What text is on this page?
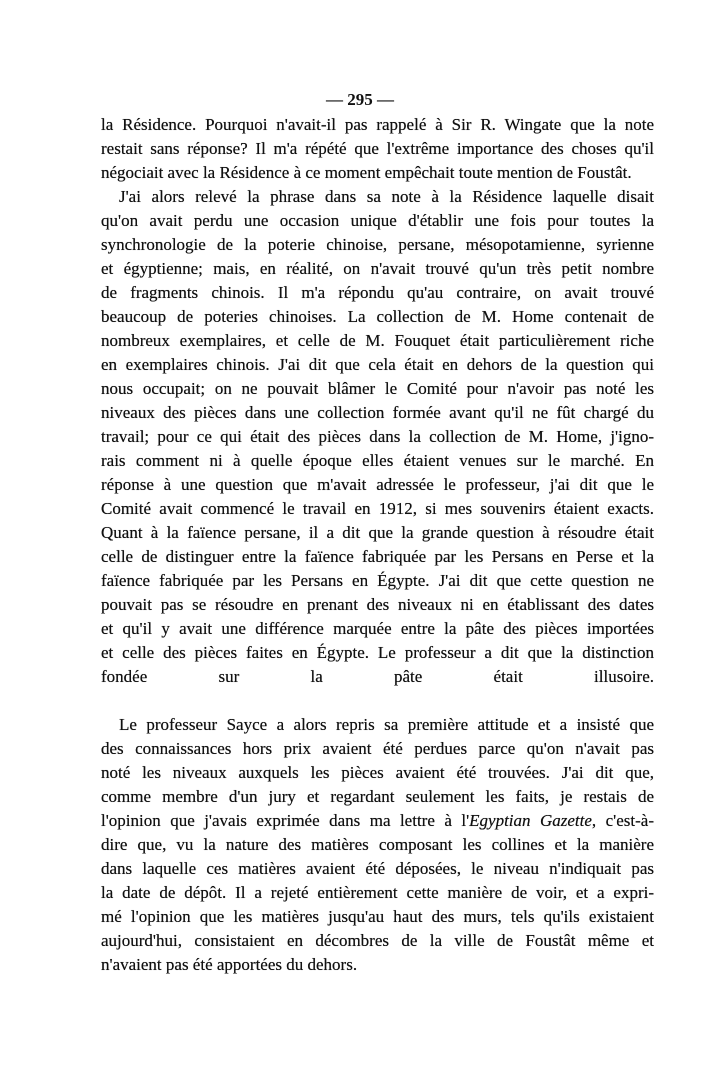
— 295 —
la Résidence. Pourquoi n'avait-il pas rappelé à Sir R. Wingate que la note
restait sans réponse? Il m'a répété que l'extrême importance des choses qu'il
négociait avec la Résidence à ce moment empêchait toute mention de Foustât.
J'ai alors relevé la phrase dans sa note à la Résidence laquelle disait
qu'on avait perdu une occasion unique d'établir une fois pour toutes la
synchronologie de la poterie chinoise, persane, mésopotamienne, syrienne
et égyptienne; mais, en réalité, on n'avait trouvé qu'un très petit nombre
de fragments chinois. Il m'a répondu qu'au contraire, on avait trouvé
beaucoup de poteries chinoises. La collection de M. Home contenait de
nombreux exemplaires, et celle de M. Fouquet était particulièrement riche
en exemplaires chinois. J'ai dit que cela était en dehors de la question qui
nous occupait; on ne pouvait blâmer le Comité pour n'avoir pas noté les
niveaux des pièces dans une collection formée avant qu'il ne fût chargé du
travail; pour ce qui était des pièces dans la collection de M. Home, j'igno-
rais comment ni à quelle époque elles étaient venues sur le marché. En
réponse à une question que m'avait adressée le professeur, j'ai dit que le
Comité avait commencé le travail en 1912, si mes souvenirs étaient exacts.
Quant à la faïence persane, il a dit que la grande question à résoudre était
celle de distinguer entre la faïence fabriquée par les Persans en Perse et la
faïence fabriquée par les Persans en Égypte. J'ai dit que cette question ne
pouvait pas se résoudre en prenant des niveaux ni en établissant des dates
et qu'il y avait une différence marquée entre la pâte des pièces importées
et celle des pièces faites en Égypte. Le professeur a dit que la distinction
fondée sur la pâte était illusoire.
Le professeur Sayce a alors repris sa première attitude et a insisté que
des connaissances hors prix avaient été perdues parce qu'on n'avait pas
noté les niveaux auxquels les pièces avaient été trouvées. J'ai dit que,
comme membre d'un jury et regardant seulement les faits, je restais de
l'opinion que j'avais exprimée dans ma lettre à l'Egyptian Gazette, c'est-à-
dire que, vu la nature des matières composant les collines et la manière
dans laquelle ces matières avaient été déposées, le niveau n'indiquait pas
la date de dépôt. Il a rejeté entièrement cette manière de voir, et a expri-
mé l'opinion que les matières jusqu'au haut des murs, tels qu'ils existaient
aujourd'hui, consistaient en décombres de la ville de Foustât même et
n'avaient pas été apportées du dehors.
